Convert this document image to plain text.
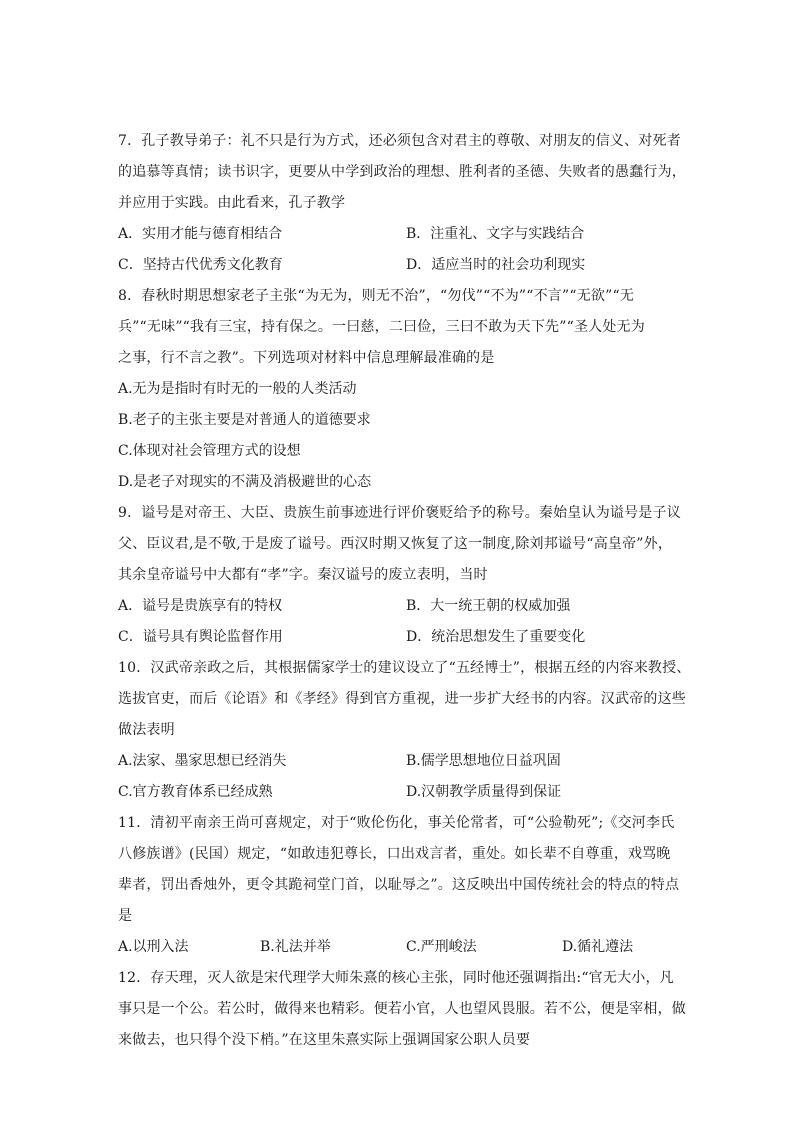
7．孔子教导弟子：礼不只是行为方式，还必须包含对君主的尊敬、对朋友的信义、对死者
的追慕等真情；读书识字，更要从中学到政治的理想、胜利者的圣德、失败者的愚蠢行为，
并应用于实践。由此看来，孔子教学
A．实用才能与德育相结合	B．注重礼、文字与实践结合
C．坚持古代优秀文化教育	D．适应当时的社会功利现实
8．春秋时期思想家老子主张“为无为，则无不治”，“勿伐”“不为”“不言”“无欲”“无
兵”“无味”“我有三宝，持有保之。一曰慈，二曰俭，三曰不敢为天下先”“圣人处无为
之事，行不言之教”。下列选项对材料中信息理解最准确的是
A.无为是指时有时无的一般的人类活动
B.老子的主张主要是对普通人的道德要求
C.体现对社会管理方式的设想
D.是老子对现实的不满及消极避世的心态
9．谥号是对帝王、大臣、贵族生前事迹进行评价褒贬给予的称号。秦始皇认为谥号是子议
父、臣议君,是不敬,于是废了谥号。西汉时期又恢复了这一制度,除刘邦谥号“高皇帝”外，
其余皇帝谥号中大都有“孝”字。秦汉谥号的废立表明，当时
A．谥号是贵族享有的特权	B．大一统王朝的权威加强
C．谥号具有舆论监督作用	D．统治思想发生了重要变化
10．汉武帝亲政之后，其根据儒家学士的建议设立了“五经博士”，根据五经的内容来教授、
选拔官吏，而后《论语》和《孝经》得到官方重视，进一步扩大经书的内容。汉武帝的这些
做法表明
A.法家、墨家思想已经消失	B.儒学思想地位日益巩固
C.官方教育体系已经成熟	D.汉朝教学质量得到保证
11．清初平南亲王尚可喜规定，对于“败伦伤化，事关伦常者，可“公验勒死”;《交河李氏
八修族谱》(民国）规定，“如敢违犯尊长，口出戏言者，重处。如长辈不自尊重，戏骂晚
辈者，罚出香烛外，更令其跪祠堂门首，以耻辱之”。这反映出中国传统社会的特点的特点
是
A.以刑入法	B.礼法并举	C.严刑峻法	D.循礼遵法
12．存天理，灭人欲是宋代理学大师朱熹的核心主张，同时他还强调指出:“官无大小，凡
事只是一个公。若公时，做得来也精彩。便若小官，人也望风畏服。若不公，便是宰相，做
来做去，也只得个没下梢。”在这里朱熹实际上强调国家公职人员要
